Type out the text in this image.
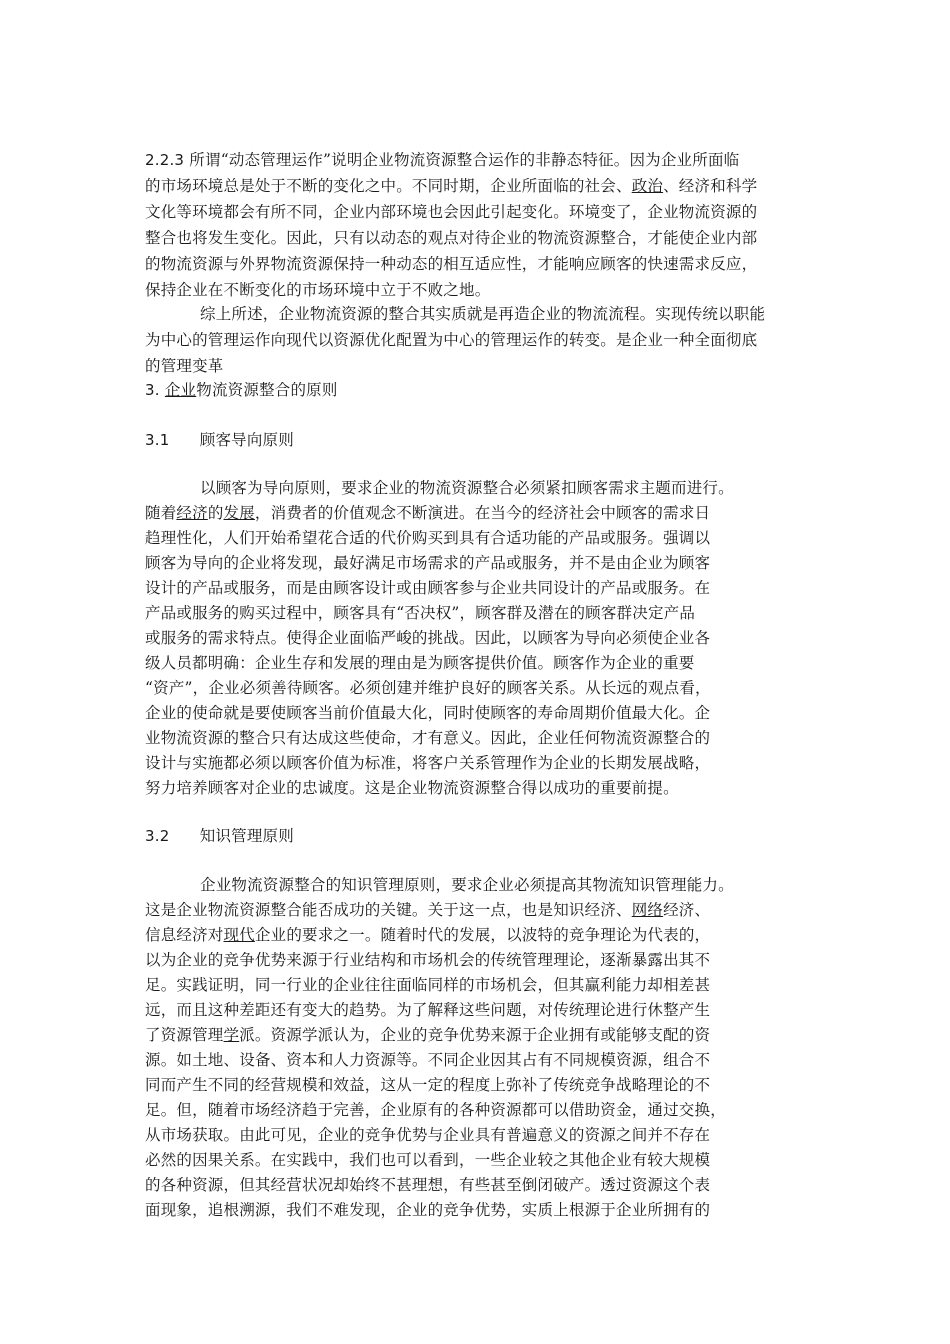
2.2.3 所谓“动态管理运作”说明企业物流资源整合运作的非静态特征。因为企业所面临
的市场环境总是处于不断的变化之中。不同时期，企业所面临的社会、政治、经济和科学
文化等环境都会有所不同，企业内部环境也会因此引起变化。环境变了，企业物流资源的
整合也将发生变化。因此，只有以动态的观点对待企业的物流资源整合，才能使企业内部
的物流资源与外界物流资源保持一种动态的相互适应性，才能响应顾客的快速需求反应，
保持企业在不断变化的市场环境中立于不败之地。
综上所述，企业物流资源的整合其实质就是再造企业的物流流程。实现传统以职能
为中心的管理运作向现代以资源优化配置为中心的管理运作的转变。是企业一种全面彻底
的管理变革
3. 企业物流资源整合的原则
3.1 顾客导向原则
以顾客为导向原则，要求企业的物流资源整合必须紧扣顾客需求主题而进行。
随着经济的发展，消费者的价值观念不断演进。在当今的经济社会中顾客的需求日
趋理性化，人们开始希望花合适的代价购买到具有合适功能的产品或服务。强调以
顾客为导向的企业将发现，最好满足市场需求的产品或服务，并不是由企业为顾客
设计的产品或服务，而是由顾客设计或由顾客参与企业共同设计的产品或服务。在
产品或服务的购买过程中，顾客具有“否决权”，顾客群及潜在的顾客群决定产品
或服务的需求特点。使得企业面临严峻的挑战。因此，以顾客为导向必须使企业各
级人员都明确：企业生存和发展的理由是为顾客提供价值。顾客作为企业的重要
“资产”，企业必须善待顾客。必须创建并维护良好的顾客关系。从长远的观点看，
企业的使命就是要使顾客当前价值最大化，同时使顾客的寿命周期价值最大化。企
业物流资源的整合只有达成这些使命，才有意义。因此，企业任何物流资源整合的
设计与实施都必须以顾客价值为标准，将客户关系管理作为企业的长期发展战略，
努力培养顾客对企业的忠诚度。这是企业物流资源整合得以成功的重要前提。
3.2 知识管理原则
企业物流资源整合的知识管理原则，要求企业必须提高其物流知识管理能力。
这是企业物流资源整合能否成功的关键。关于这一点，也是知识经济、网络经济、
信息经济对现代企业的要求之一。随着时代的发展，以波特的竞争理论为代表的，
以为企业的竞争优势来源于行业结构和市场机会的传统管理理论，逐渐暴露出其不
足。实践证明，同一行业的企业往往面临同样的市场机会，但其赢利能力却相差甚
远，而且这种差距还有变大的趋势。为了解释这些问题，对传统理论进行休整产生
了资源管理学派。资源学派认为，企业的竞争优势来源于企业拥有或能够支配的资
源。如土地、设备、资本和人力资源等。不同企业因其占有不同规模资源，组合不
同而产生不同的经营规模和效益，这从一定的程度上弥补了传统竞争战略理论的不
足。但，随着市场经济趋于完善，企业原有的各种资源都可以借助资金，通过交换，
从市场获取。由此可见，企业的竞争优势与企业具有普遍意义的资源之间并不存在
必然的因果关系。在实践中，我们也可以看到，一些企业较之其他企业有较大规模
的各种资源，但其经营状况却始终不甚理想，有些甚至倒闭破产。透过资源这个表
面现象，追根溯源，我们不难发现，企业的竞争优势，实质上根源于企业所拥有的
